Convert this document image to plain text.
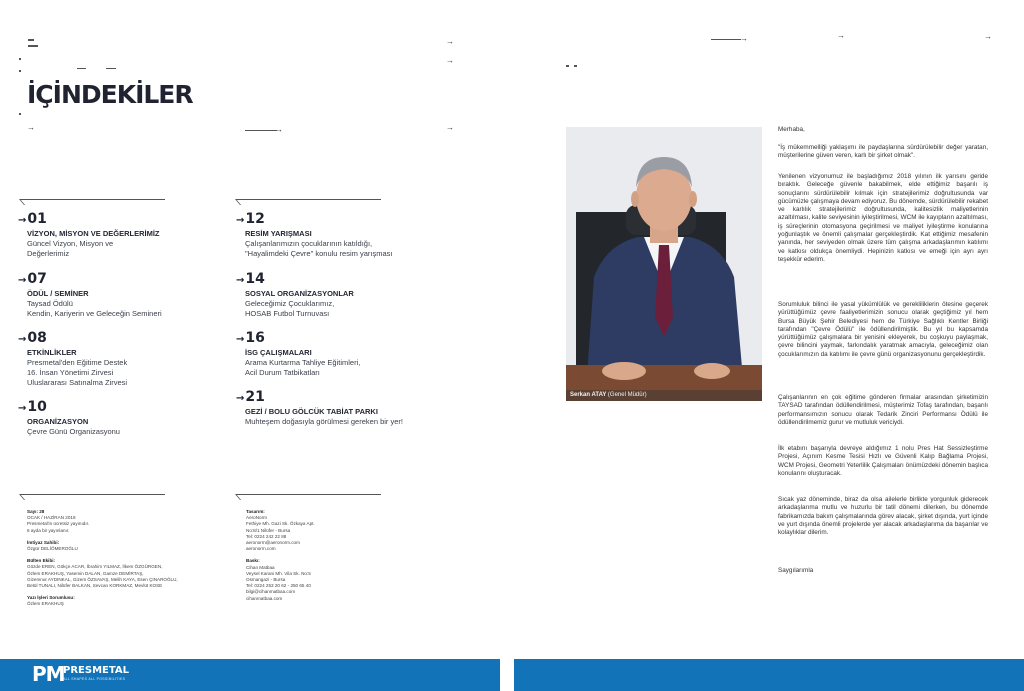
→
→
→
→	→
→
→
→
İÇİNDEKİLER
→01
VİZYON, MİSYON VE DEĞERLERİMİZ
Güncel Vizyon, Misyon ve
Değerlerimiz
→07
ÖDÜL / SEMİNER
Taysad Ödülü
Kendin, Kariyerin ve Geleceğin Semineri
→08
ETKİNLİKLER
Presmetal'den Eğitime Destek
16. İnsan Yönetimi Zirvesi
Uluslararası Satınalma Zirvesi
→10
ORGANİZASYON
Çevre Günü Organizasyonu
→12
RESİM YARIŞMASI
Çalışanlarımızın çocuklarının katıldığı,
"Hayalimdeki Çevre" konulu resim yarışması
→14
SOSYAL ORGANİZASYONLAR
Geleceğimiz Çocuklarımız,
HOSAB Futbol Turnuvası
→16
İSG ÇALIŞMALARI
Arama Kurtarma Tahliye Eğitimleri,
Acil Durum Tatbikatları
→21
GEZİ / BOLU GÖLCÜK TABİAT PARKI
Muhteşem doğasıyla görülmesi gereken bir yer!
Sayı: 28
OCAK / HAZİRAN 2018
Presmetal'in ücretsiz yayınıdır.
6 ayda bir yayınlanır.
İmtiyaz Sahibi:
Özgür DELİÖMEROĞLU
Bülten Ekibi:
Gözde EREN, Gökçe ACAR, İbrahim YILMAZ, İlkem ÖZGÜRGEN,
Özlem ERAKHUŞ, Yasemin DALAN, Gamze DEMİRTAŞ,
Gizemnur AYDINKAL, Gizem ÖZSAVAŞ, Melih KAYA, Esen ÇINAROĞLU,
Betül TUNALI, Nilüfer BALKAN, Sevcan KORKMAZ, Mevlüt KOSE
Yazı İşleri Sorumlusu:
Özlem ERAKHUŞ
Tasarım:
AeroNorm
Fethiye Mh. Gazi Sk. Özkaya Apt.
No:8/1 Nilüfer - Bursa
Tel: 0224 242 22 88
aeronorm@aeronorm.com
aeronorm.com
Baskı:
Cihan Matbaa
Veysel Karani Mh. Vila Sk. No:5
Osmangazi - Bursa
Tel: 0224 253 20 62 - 250 65 40
bilgi@cihanmatbaa.com
cihanmatbaa.com
PM
PRESMETAL
ALL SHAPES ALL POSSIBILITIES
Serkan ATAY (Genel Müdür)
Merhaba,
"İş mükemmelliği yaklaşımı ile paydaşlarına sürdürülebilir değer yaratan, müşterilerine güven veren, karlı bir şirket olmak".
Yenilenen vizyonumuz ile başladığımız 2018 yılının ilk yarısını geride bıraktık. Geleceğe güvenle bakabilmek, elde ettiğimiz başarılı iş sonuçlarını sürdürülebilir kılmak için stratejilerimiz doğrultusunda var gücümüzle çalışmaya devam ediyoruz. Bu dönemde, sürdürülebilir rekabet ve karlılık stratejilerimiz doğrultusunda, kalitesizlik maliyetlerinin azaltılması, kalite seviyesinin iyileştirilmesi, WCM ile kayıpların azaltılması, iş süreçlerinin otomasyona geçirilmesi ve maliyet iyileştirme konularına yoğunlaştık ve önemli çalışmalar gerçekleştirdik. Kat ettiğimiz mesafenin yanında, her seviyeden olmak üzere tüm çalışma arkadaşlarımın katılımı ve katkısı oldukça önemliydi. Hepinizin katkısı ve emeği için ayrı ayrı teşekkür ederim.
Sorumluluk bilinci ile yasal yükümlülük ve gerekliliklerin ötesine geçerek yürüttüğümüz çevre faaliyetlerimizin sonucu olarak geçtiğimiz yıl hem Bursa Büyük Şehir Belediyesi hem de Türkiye Sağlıklı Kentler Birliği tarafından "Çevre Ödülü" ile ödüllendirilmiştik. Bu yıl bu kapsamda yürüttüğümüz çalışmalara bir yenisini ekleyerek, bu coşkuyu paylaşmak, çevre bilincini yaymak, farkındalık yaratmak amacıyla, geleceğimiz olan çocuklarımızın da katılımı ile çevre günü organizasyonunu gerçekleştirdik.
Çalışanlarının en çok eğitime gönderen firmalar arasından şirketimizin TAYSAD tarafından ödüllendirilmesi, müşterimiz Tofaş tarafından, başarılı performansımızın sonucu olarak Tedarik Zinciri Performansı Ödülü ile ödüllendirilmemiz gurur ve mutluluk vericiydi.
İlk etabını başarıyla devreye aldığımız 1 nolu Pres Hat Sessizleştirme Projesi, Açınım Kesme Tesisi Hızlı ve Güvenli Kalıp Bağlama Projesi, WCM Projesi, Geometri Yeterlilik Çalışmaları önümüzdeki dönemin başlıca konularını oluşturacak.
Sıcak yaz döneminde, biraz da olsa ailelerle birlikte yorgunluk giderecek arkadaşlarıma mutlu ve huzurlu bir tatil dönemi dilerken, bu dönemde fabrikamızda bakım çalışmalarında görev alacak, şirket dışında, yurt içinde ve yurt dışında önemli projelerde yer alacak arkadaşlarıma da başarılar ve kolaylıklar dilerim.
Saygılarımla
